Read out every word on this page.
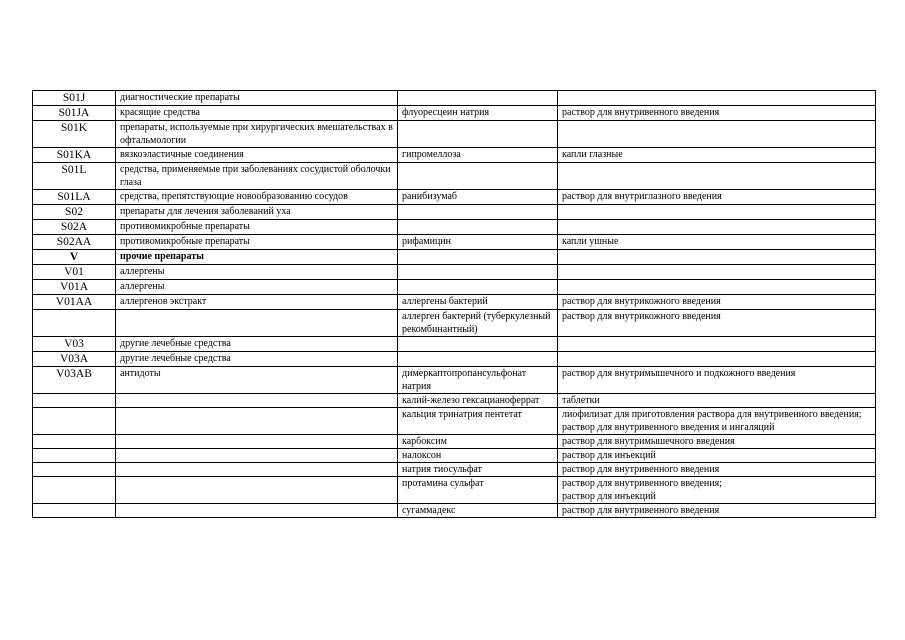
S01J	диагностические препараты		
S01JA	красящие средства	флуоресцеин натрия	раствор для внутривенного введения
S01K	препараты, используемые при хирургических вмешательствах в офтальмологии		
S01KA	вязкоэластичные соединения	гипромеллоза	капли глазные
S01L	средства, применяемые при заболеваниях сосудистой оболочки глаза		
S01LA	средства, препятствующие новообразованию сосудов	ранибизумаб	раствор для внутриглазного введения
S02	препараты для лечения заболеваний уха		
S02A	противомикробные препараты		
S02AA	противомикробные препараты	рифамицин	капли ушные
V	прочие препараты		
V01	аллергены		
V01A	аллергены		
V01AA	аллергенов экстракт	аллергены бактерий	раствор для внутрикожного введения
		аллерген бактерий (туберкулезный рекомбинантный)	раствор для внутрикожного введения
V03	другие лечебные средства		
V03A	другие лечебные средства		
V03AB	антидоты	димеркаптопропансульфонат натрия	раствор для внутримышечного и подкожного введения
		калий-железо гексацианоферрат	таблетки
		кальция тринатрия пентетат	лиофилизат для приготовления раствора для внутривенного введения;
раствор для внутривенного введения и ингаляций
		карбоксим	раствор для внутримышечного введения
		налоксон	раствор для инъекций
		натрия тиосульфат	раствор для внутривенного введения
		протамина сульфат	раствор для внутривенного введения;
раствор для инъекций
		сугаммадекс	раствор для внутривенного введения
